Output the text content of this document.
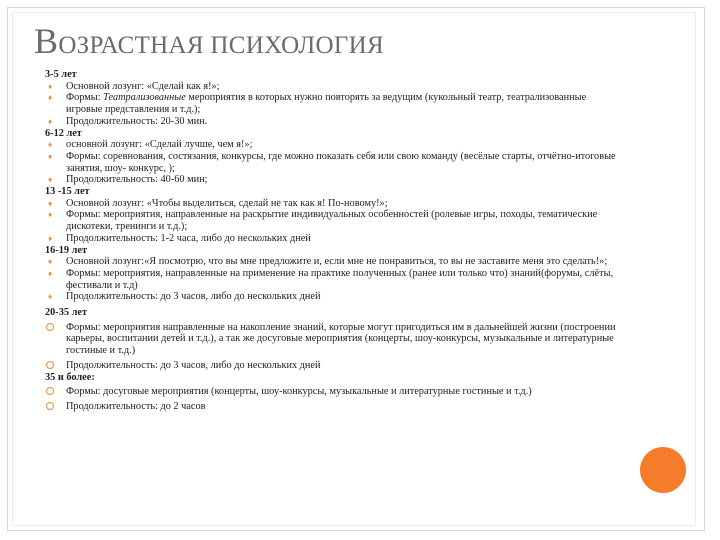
ВОЗРАСТНАЯ ПСИХОЛОГИЯ
3-5 лет
♦ Основной лозунг: «Сделай как я!»;
♦ Формы: Театрализованные мероприятия в которых нужно повторять за ведущим (кукольный театр, театрализованные игровые представления и т.д.);
♦ Продолжительность: 20-30 мин.
6-12 лет
♦ основной лозунг: «Сделай лучше, чем я!»;
♦ Формы: соревнования, состязания, конкурсы, где можно показать себя или свою команду (весёлые старты, отчётно-итоговые занятия, шоу- конкурс, );
♦ Продолжительность: 40-60 мин;
13 -15 лет
♦ Основной лозунг: «Чтобы выделиться, сделай не так как я! По-новому!»;
♦ Формы: мероприятия, направленные на раскрытие индивидуальных особенностей (ролевые игры, походы, тематические дискотеки, тренинги и т.д.);
♦ Продолжительность: 1-2 часа, либо до нескольких дней
16-19 лет
♦ Основной лозунг:«Я посмотрю, что вы мне предложите и, если мне не понравиться, то вы не заставите меня это сделать!»;
♦ Формы: мероприятия, направленные на применение на практике полученных (ранее или только что) знаний(форумы, слёты, фестивали и т.д)
♦ Продолжительность: до 3 часов, либо до нескольких дней
20-35 лет
Формы: мероприятия направленные на накопление знаний, которые могут пригодиться им в дальнейшей жизни (построении карьеры, воспитании детей и т.д.), а так же досуговые мероприятия (концерты, шоу-конкурсы, музыкальные и литературные гостиные и т.д.)
Продолжительность: до 3 часов, либо до нескольких дней
35 и более:
Формы: досуговые мероприятия (концерты, шоу-конкурсы, музыкальные и литературные гостиные и т.д.)
Продолжительность: до 2 часов
